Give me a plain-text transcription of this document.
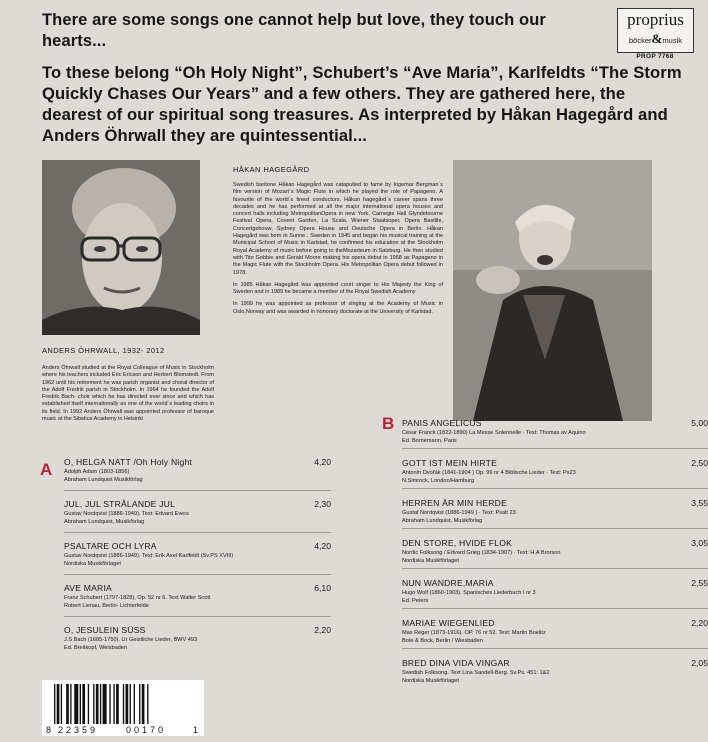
There are some songs one cannot help but love, they touch our hearts...
To these belong “Oh Holy Night”, Schubert’s “Ave Maria”, Karlfeldts “The Storm Quickly Chases Our Years” and a few others. They are gathered here, the dearest of our spiritual song treasures. As interpreted by Håkan Hagegård and Anders Öhrwall they are quintessential...
proprius
böcker&musik
PROP 7768
ANDERS ÖHRWALL, 1932- 2012
Anders Öhrwall studied at the Royal Colleague of Music in Stockholm where his teachers included Eric Ericson and Herbert Blomstedt. From 1962 until his retirement he was parish organist and choral director of the Adolf Fredrik parish in Stockholm. In 1964 he founded the Adolf Fredrik Bach- choir which he has directed ever since and which has established itself internationally as one of the world´s leading choirs in its field. In 1992 Anders Öhrwall was appointed professor of baroque music at the Sibelius Academy in Helsinki
HÅKAN HAGEGÅRD

Swedish baritone Håkan Hagegård was catapulted to fame by Ingemar Bergman´s film version of Mozart´s Magic Flute in which he played the role of Papageno. A favourite of the world´s finest conductors, Håkan hagegård´s career spans three decades and he has performed at all the major international opera houses and concert halls including MetropolitanOpera in new York, Carnegie Hall Glyndebourne Festival Opera, Covent Garden, La Scala, Wiener Staatsoper, Opera Bastille, Concertgebouw, Sydney Opera House and Deutsche Opera in Berlin. Håkan Hagegård was born in Sunne , Sweden in 1945 and began his musical training at the Municipal School of Music in Karlstad, he confirmed his education at the Stockholm Royal Academy of music before going to theMozarteum in Salzburg. He then studied with Tito Gobbie and Gerald Moore making his opera debut in 1968 as Papageno in the Magic Flute with the Stockholm Opera. His Metropolitan Opera debut followed in 1978.

In 1985 Håkan Hagegård was appointed court singer to His Majesty the King of Sweden and in 1989 he became a member of the Royal Swedish Academy

In 1999 he was appointed as professor of singing at the Academy of Music in Oslo,Norway and was awarded in honorary doctorate at the University of Karlstad.

A O, HELGA NATT /Oh Holy Night	4,20
Adolph Adam (1803-1856)
Abraham Lundquist Musikförlag
JUL, JUL STRÅLANDE JUL	2,30
Gustav Nordqvist (1886-1949). Text: Edvard Evers
Abraham Lundquist, Musikförlag
PSALTARE OCH LYRA	4,20
Gustav Nordqvist (1886-1949). Text: Erik Axel Karlfeldt (Sv.PS XVIII)
Nordiska Musikförlaget
AVE MARIA	6,10
Franz Schubert (1797-1828), Op. 52 nr 6. Text Walter Scott
Robert Lienau, Berlin- Lichterfelde
O, JESULEIN SÜSS	2,20
J.S Bach (1685-1750). Ur Geistliche Lieder, BWV 493
Ed. Breitkopf, Weisbaden
B PANIS ANGELICUS	5,00
César Franck (1822-1890) La Messe Solennelle · Text: Thomas av Aquino
Ed. Bornemann, Paris
GOTT IST MEIN HIRTE	2,50
Antonín Dvořák (1841-1904 ) Op. 99 nr 4 Biblische Lieder · Text: Ps23
N.Simrock, London/Hamburg
HERREN ÄR MIN HERDE	3,55
Gustaf Nordqvist (1886-1949 ) · Text: Psalt 23
Abraham Lundquist, Musikförlag
DEN STORE, HVIDE FLOK	3,05
Nordic Folksong / Edvard Grieg (1834-1907) · Text: H.A Brorson
Nordiska Musikförlaget
NUN WANDRE,MARIA	2,55
Hugo Wolf (1860-1903). Spanisches Liederbuch I nr 3
Ed. Peters
MARIAE WIEGENLIED	2,20
Max Reger (1873-1916). OP. 76 nr 52. Text: Martin Boelitz
Bote & Bock, Berlin / Wiesbaden
BRED DINA VIDA VINGAR	2,05
Swedish Folksong. Text Lina Sandell-Berg. Sv.Ps. 451: 1&2
Nordiska Musikförlaget
8 22359	00170	1
